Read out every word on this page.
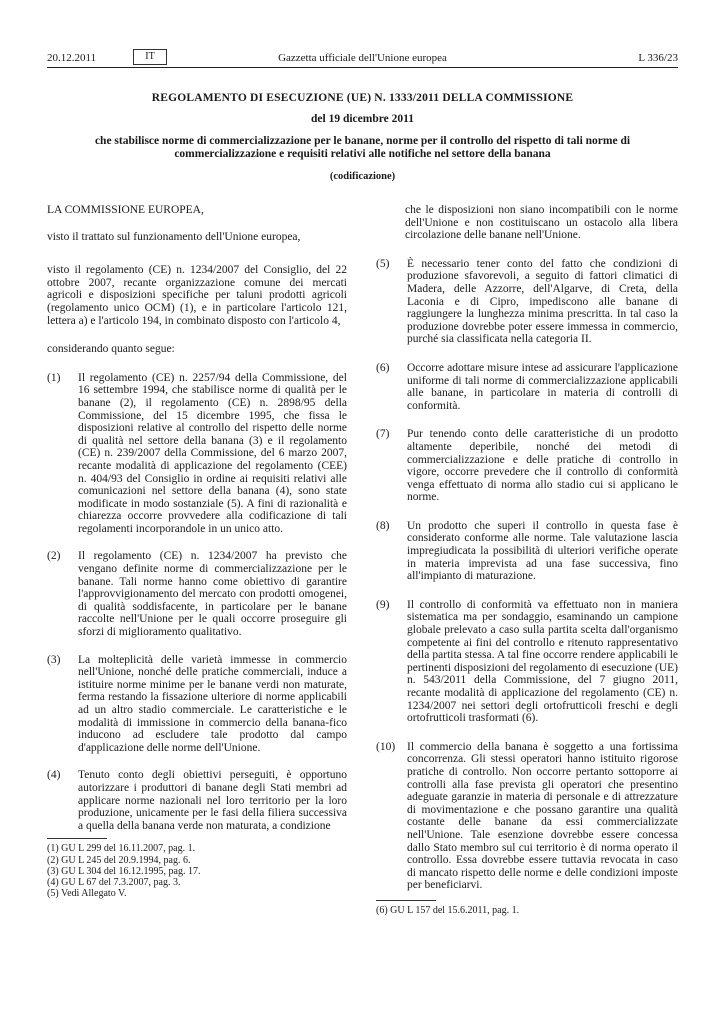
20.12.2011	IT	Gazzetta ufficiale dell'Unione europea	L 336/23
REGOLAMENTO DI ESECUZIONE (UE) N. 1333/2011 DELLA COMMISSIONE
del 19 dicembre 2011
che stabilisce norme di commercializzazione per le banane, norme per il controllo del rispetto di tali norme di commercializzazione e requisiti relativi alle notifiche nel settore della banana
(codificazione)

LA COMMISSIONE EUROPEA,

visto il trattato sul funzionamento dell'Unione europea,

visto il regolamento (CE) n. 1234/2007 del Consiglio, del 22 ottobre 2007, recante organizzazione comune dei mercati agricoli e disposizioni specifiche per taluni prodotti agricoli (regolamento unico OCM) (1), e in particolare l'articolo 121, lettera a) e l'articolo 194, in combinato disposto con l'articolo 4,

considerando quanto segue:

(1) Il regolamento (CE) n. 2257/94 della Commissione, del 16 settembre 1994, che stabilisce norme di qualità per le banane (2), il regolamento (CE) n. 2898/95 della Commissione, del 15 dicembre 1995, che fissa le disposizioni relative al controllo del rispetto delle norme di qualità nel settore della banana (3) e il regolamento (CE) n. 239/2007 della Commissione, del 6 marzo 2007, recante modalità di applicazione del regolamento (CEE) n. 404/93 del Consiglio in ordine ai requisiti relativi alle comunicazioni nel settore della banana (4), sono state modificate in modo sostanziale (5). A fini di razionalità e chiarezza occorre provvedere alla codificazione di tali regolamenti incorporandole in un unico atto.
(2) Il regolamento (CE) n. 1234/2007 ha previsto che vengano definite norme di commercializzazione per le banane. Tali norme hanno come obiettivo di garantire l'approvvigionamento del mercato con prodotti omogenei, di qualità soddisfacente, in particolare per le banane raccolte nell'Unione per le quali occorre proseguire gli sforzi di miglioramento qualitativo.
(3) La molteplicità delle varietà immesse in commercio nell'Unione, nonché delle pratiche commerciali, induce a istituire norme minime per le banane verdi non maturate, ferma restando la fissazione ulteriore di norme applicabili ad un altro stadio commerciale. Le caratteristiche e le modalità di immissione in commercio della banana-fico inducono ad escludere tale prodotto dal campo d'applicazione delle norme dell'Unione.
(4) Tenuto conto degli obiettivi perseguiti, è opportuno autorizzare i produttori di banane degli Stati membri ad applicare norme nazionali nel loro territorio per la loro produzione, unicamente per le fasi della filiera successiva a quella della banana verde non maturata, a condizione
(1) GU L 299 del 16.11.2007, pag. 1.
(2) GU L 245 del 20.9.1994, pag. 6.
(3) GU L 304 del 16.12.1995, pag. 17.
(4) GU L 67 del 7.3.2007, pag. 3.
(5) Vedi Allegato V.
che le disposizioni non siano incompatibili con le norme dell'Unione e non costituiscano un ostacolo alla libera circolazione delle banane nell'Unione.
(5) È necessario tener conto del fatto che condizioni di produzione sfavorevoli, a seguito di fattori climatici di Madera, delle Azzorre, dell'Algarve, di Creta, della Laconia e di Cipro, impediscono alle banane di raggiungere la lunghezza minima prescritta. In tal caso la produzione dovrebbe poter essere immessa in commercio, purché sia classificata nella categoria II.
(6) Occorre adottare misure intese ad assicurare l'applicazione uniforme di tali norme di commercializzazione applicabili alle banane, in particolare in materia di controlli di conformità.
(7) Pur tenendo conto delle caratteristiche di un prodotto altamente deperibile, nonché dei metodi di commercializzazione e delle pratiche di controllo in vigore, occorre prevedere che il controllo di conformità venga effettuato di norma allo stadio cui si applicano le norme.
(8) Un prodotto che superi il controllo in questa fase è considerato conforme alle norme. Tale valutazione lascia impregiudicata la possibilità di ulteriori verifiche operate in materia imprevista ad una fase successiva, fino all'impianto di maturazione.
(9) Il controllo di conformità va effettuato non in maniera sistematica ma per sondaggio, esaminando un campione globale prelevato a caso sulla partita scelta dall'organismo competente ai fini del controllo e ritenuto rappresentativo della partita stessa. A tal fine occorre rendere applicabili le pertinenti disposizioni del regolamento di esecuzione (UE) n. 543/2011 della Commissione, del 7 giugno 2011, recante modalità di applicazione del regolamento (CE) n. 1234/2007 nei settori degli ortofrutticoli freschi e degli ortofrutticoli trasformati (6).
(10) Il commercio della banana è soggetto a una fortissima concorrenza. Gli stessi operatori hanno istituito rigorose pratiche di controllo. Non occorre pertanto sottoporre ai controlli alla fase prevista gli operatori che presentino adeguate garanzie in materia di personale e di attrezzature di movimentazione e che possano garantire una qualità costante delle banane da essi commercializzate nell'Unione. Tale esenzione dovrebbe essere concessa dallo Stato membro sul cui territorio è di norma operato il controllo. Essa dovrebbe essere tuttavia revocata in caso di mancato rispetto delle norme e delle condizioni imposte per beneficiarvi.
(6) GU L 157 del 15.6.2011, pag. 1.
